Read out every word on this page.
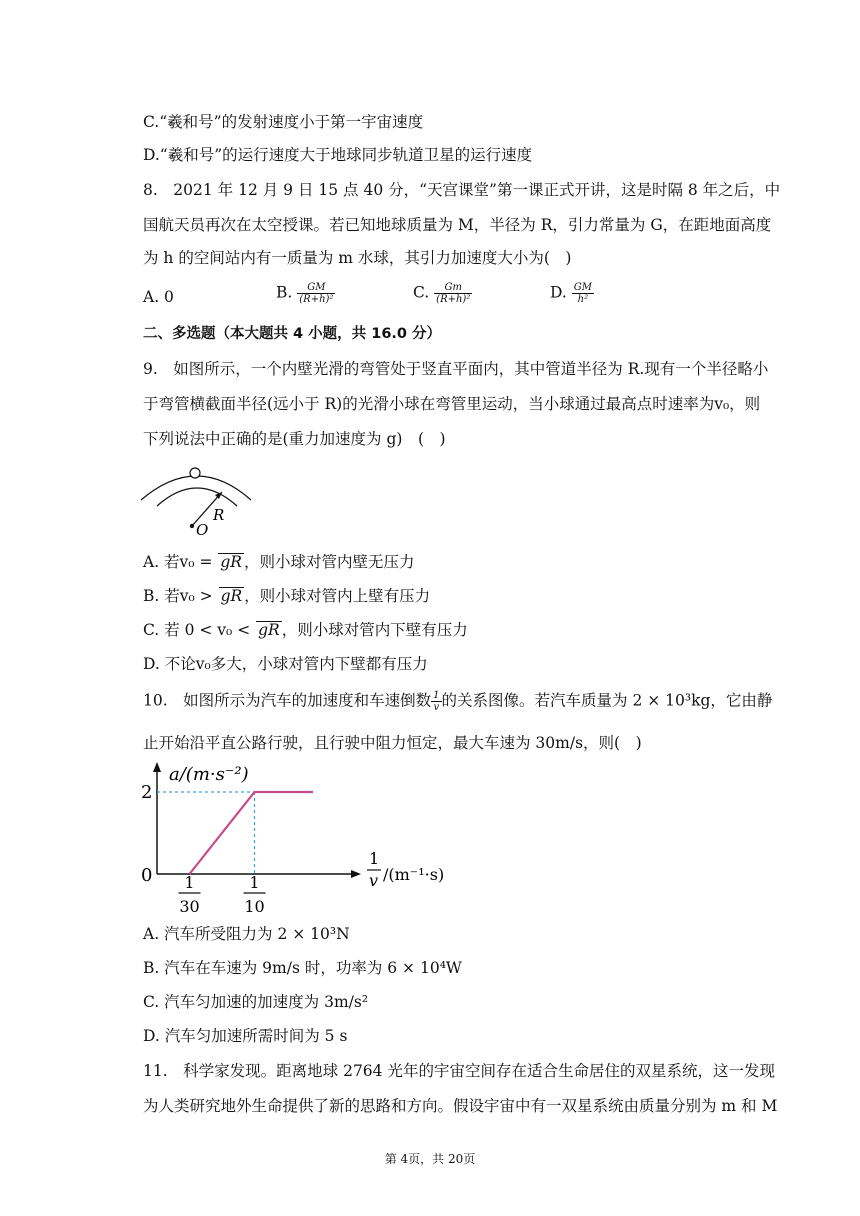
C.“羲和号”的发射速度小于第一宇宙速度
D.“羲和号”的运行速度大于地球同步轨道卫星的运行速度
8.　2021 年 12 月 9 日 15 点 40 分，“天宫课堂”第一课正式开讲，这是时隔 8 年之后，中
国航天员再次在太空授课。若已知地球质量为 M，半径为 R，引力常量为 G，在距地面高度
为 h 的空间站内有一质量为 m 水球，其引力加速度大小为(　)
A. 0	B. $\frac{GM}{\text{(R+h)²}}$	C. $\frac{Gm}{\text{(R+h)²}}$	D. $\frac{GM}{\text{h²}}$
二、多选题（本大题共 4 小题，共 16.0 分）
9.　如图所示，一个内壁光滑的弯管处于竖直平面内，其中管道半径为 R.现有一个半径略小
于弯管横截面半径(远小于 R)的光滑小球在弯管里运动，当小球通过最高点时速率为v₀，则
下列说法中正确的是(重力加速度为 g)　(　)
R
O
A. 若v₀ = gR ，则小球对管内壁无压力
B. 若v₀ > gR ，则小球对管内上壁有压力
C. 若 0 < v₀ < gR ，则小球对管内下壁有压力
D. 不论v₀多大，小球对管内下壁都有压力
10.　如图所示为汽车的加速度和车速倒数 $\frac{1}{v}$ 的关系图像。若汽车质量为 2 × 10³kg，它由静
止开始沿平直公路行驶，且行驶中阻力恒定，最大车速为 30m/s，则(　)
a/(m·s⁻²)
0
2
1
v /(m⁻¹·s)
1
30
1
10
A. 汽车所受阻力为 2 × 10³N
B. 汽车在车速为 9m/s 时，功率为 6 × 10⁴W
C. 汽车匀加速的加速度为 3m/s²
D. 汽车匀加速所需时间为 5 s
11.　科学家发现。距离地球 2764 光年的宇宙空间存在适合生命居住的双星系统，这一发现
为人类研究地外生命提供了新的思路和方向。假设宇宙中有一双星系统由质量分别为 m 和 M
第 4页，共 20页
